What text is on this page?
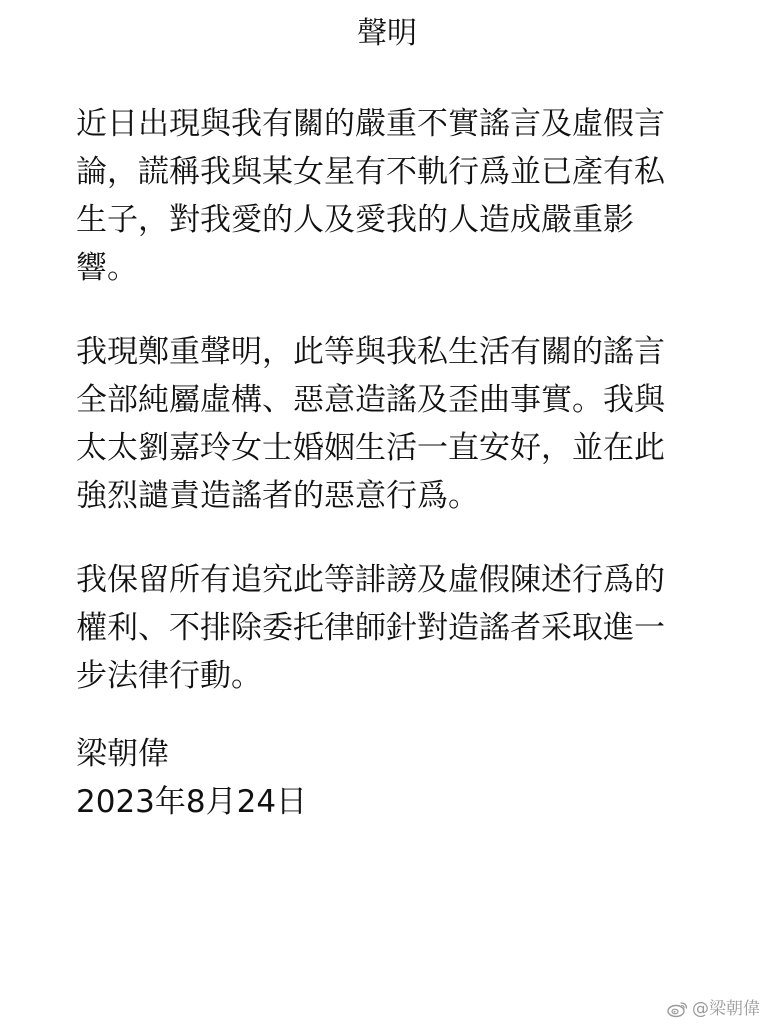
聲明
近日出現與我有關的嚴重不實謠言及虛假言
論，謊稱我與某女星有不軌行爲並已產有私
生子，對我愛的人及愛我的人造成嚴重影
響。
我現鄭重聲明，此等與我私生活有關的謠言
全部純屬虛構、惡意造謠及歪曲事實。我與
太太劉嘉玲女士婚姻生活一直安好，並在此
強烈譴責造謠者的惡意行爲。
我保留所有追究此等誹謗及虛假陳述行爲的
權利、不排除委托律師針對造謠者采取進一
步法律行動。
梁朝偉
2023年8月24日
@梁朝偉
